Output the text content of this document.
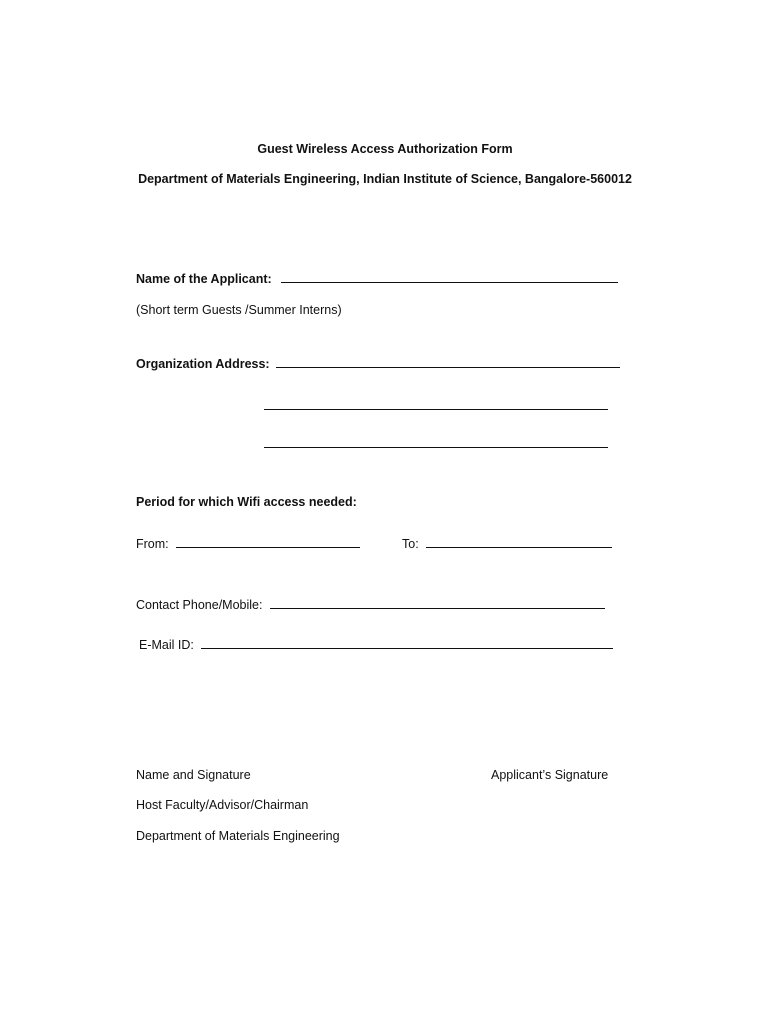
Guest Wireless Access Authorization Form
Department of Materials Engineering, Indian Institute of Science, Bangalore-560012
Name of the Applicant:
(Short term Guests /Summer Interns)
Organization Address:
Period for which Wifi access needed:
From:	To:
Contact Phone/Mobile:
E-Mail ID:
Name and Signature	Applicant’s Signature
Host Faculty/Advisor/Chairman
Department of Materials Engineering
